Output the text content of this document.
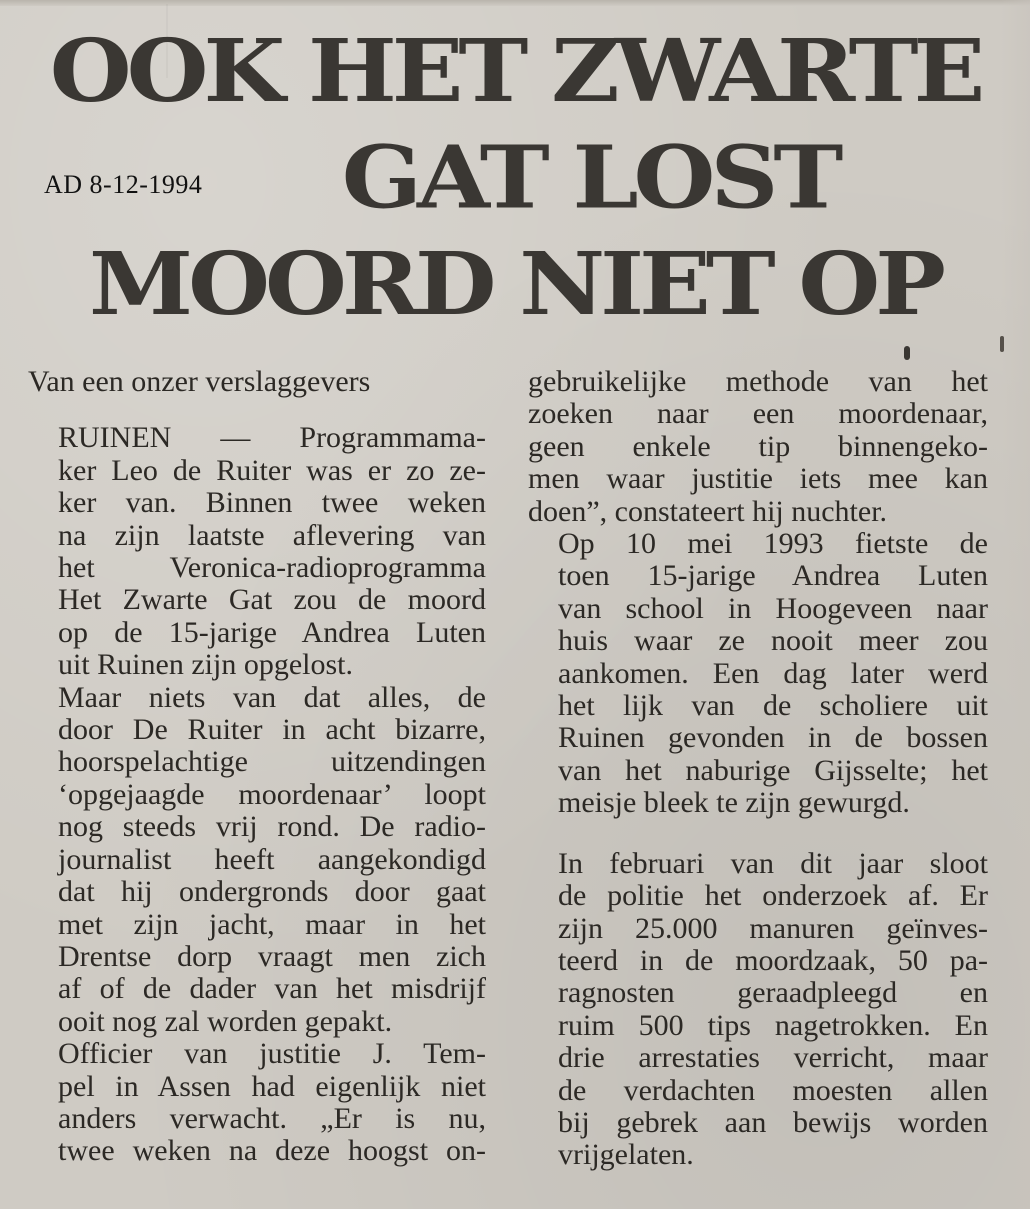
OOK HET ZWARTE
GAT LOST
MOORD NIET OP
AD 8-12-1994

Van een onzer verslaggevers

RUINEN — Programmama-
ker Leo de Ruiter was er zo ze-
ker van. Binnen twee weken
na zijn laatste aflevering van
het Veronica-radioprogramma
Het Zwarte Gat zou de moord
op de 15-jarige Andrea Luten
uit Ruinen zijn opgelost.

Maar niets van dat alles, de
door De Ruiter in acht bizarre,
hoorspelachtige uitzendingen
‘opgejaagde moordenaar’ loopt
nog steeds vrij rond. De radio-
journalist heeft aangekondigd
dat hij ondergronds door gaat
met zijn jacht, maar in het
Drentse dorp vraagt men zich
af of de dader van het misdrijf
ooit nog zal worden gepakt.

Officier van justitie J. Tem-
pel in Assen had eigenlijk niet
anders verwacht. „Er is nu,
twee weken na deze hoogst on-

gebruikelijke methode van het
zoeken naar een moordenaar,
geen enkele tip binnengeko-
men waar justitie iets mee kan
doen”, constateert hij nuchter.

Op 10 mei 1993 fietste de
toen 15-jarige Andrea Luten
van school in Hoogeveen naar
huis waar ze nooit meer zou
aankomen. Een dag later werd
het lijk van de scholiere uit
Ruinen gevonden in de bossen
van het naburige Gijsselte; het
meisje bleek te zijn gewurgd.

In februari van dit jaar sloot
de politie het onderzoek af. Er
zijn 25.000 manuren geïnves-
teerd in de moordzaak, 50 pa-
ragnosten geraadpleegd en
ruim 500 tips nagetrokken. En
drie arrestaties verricht, maar
de verdachten moesten allen
bij gebrek aan bewijs worden
vrijgelaten.
